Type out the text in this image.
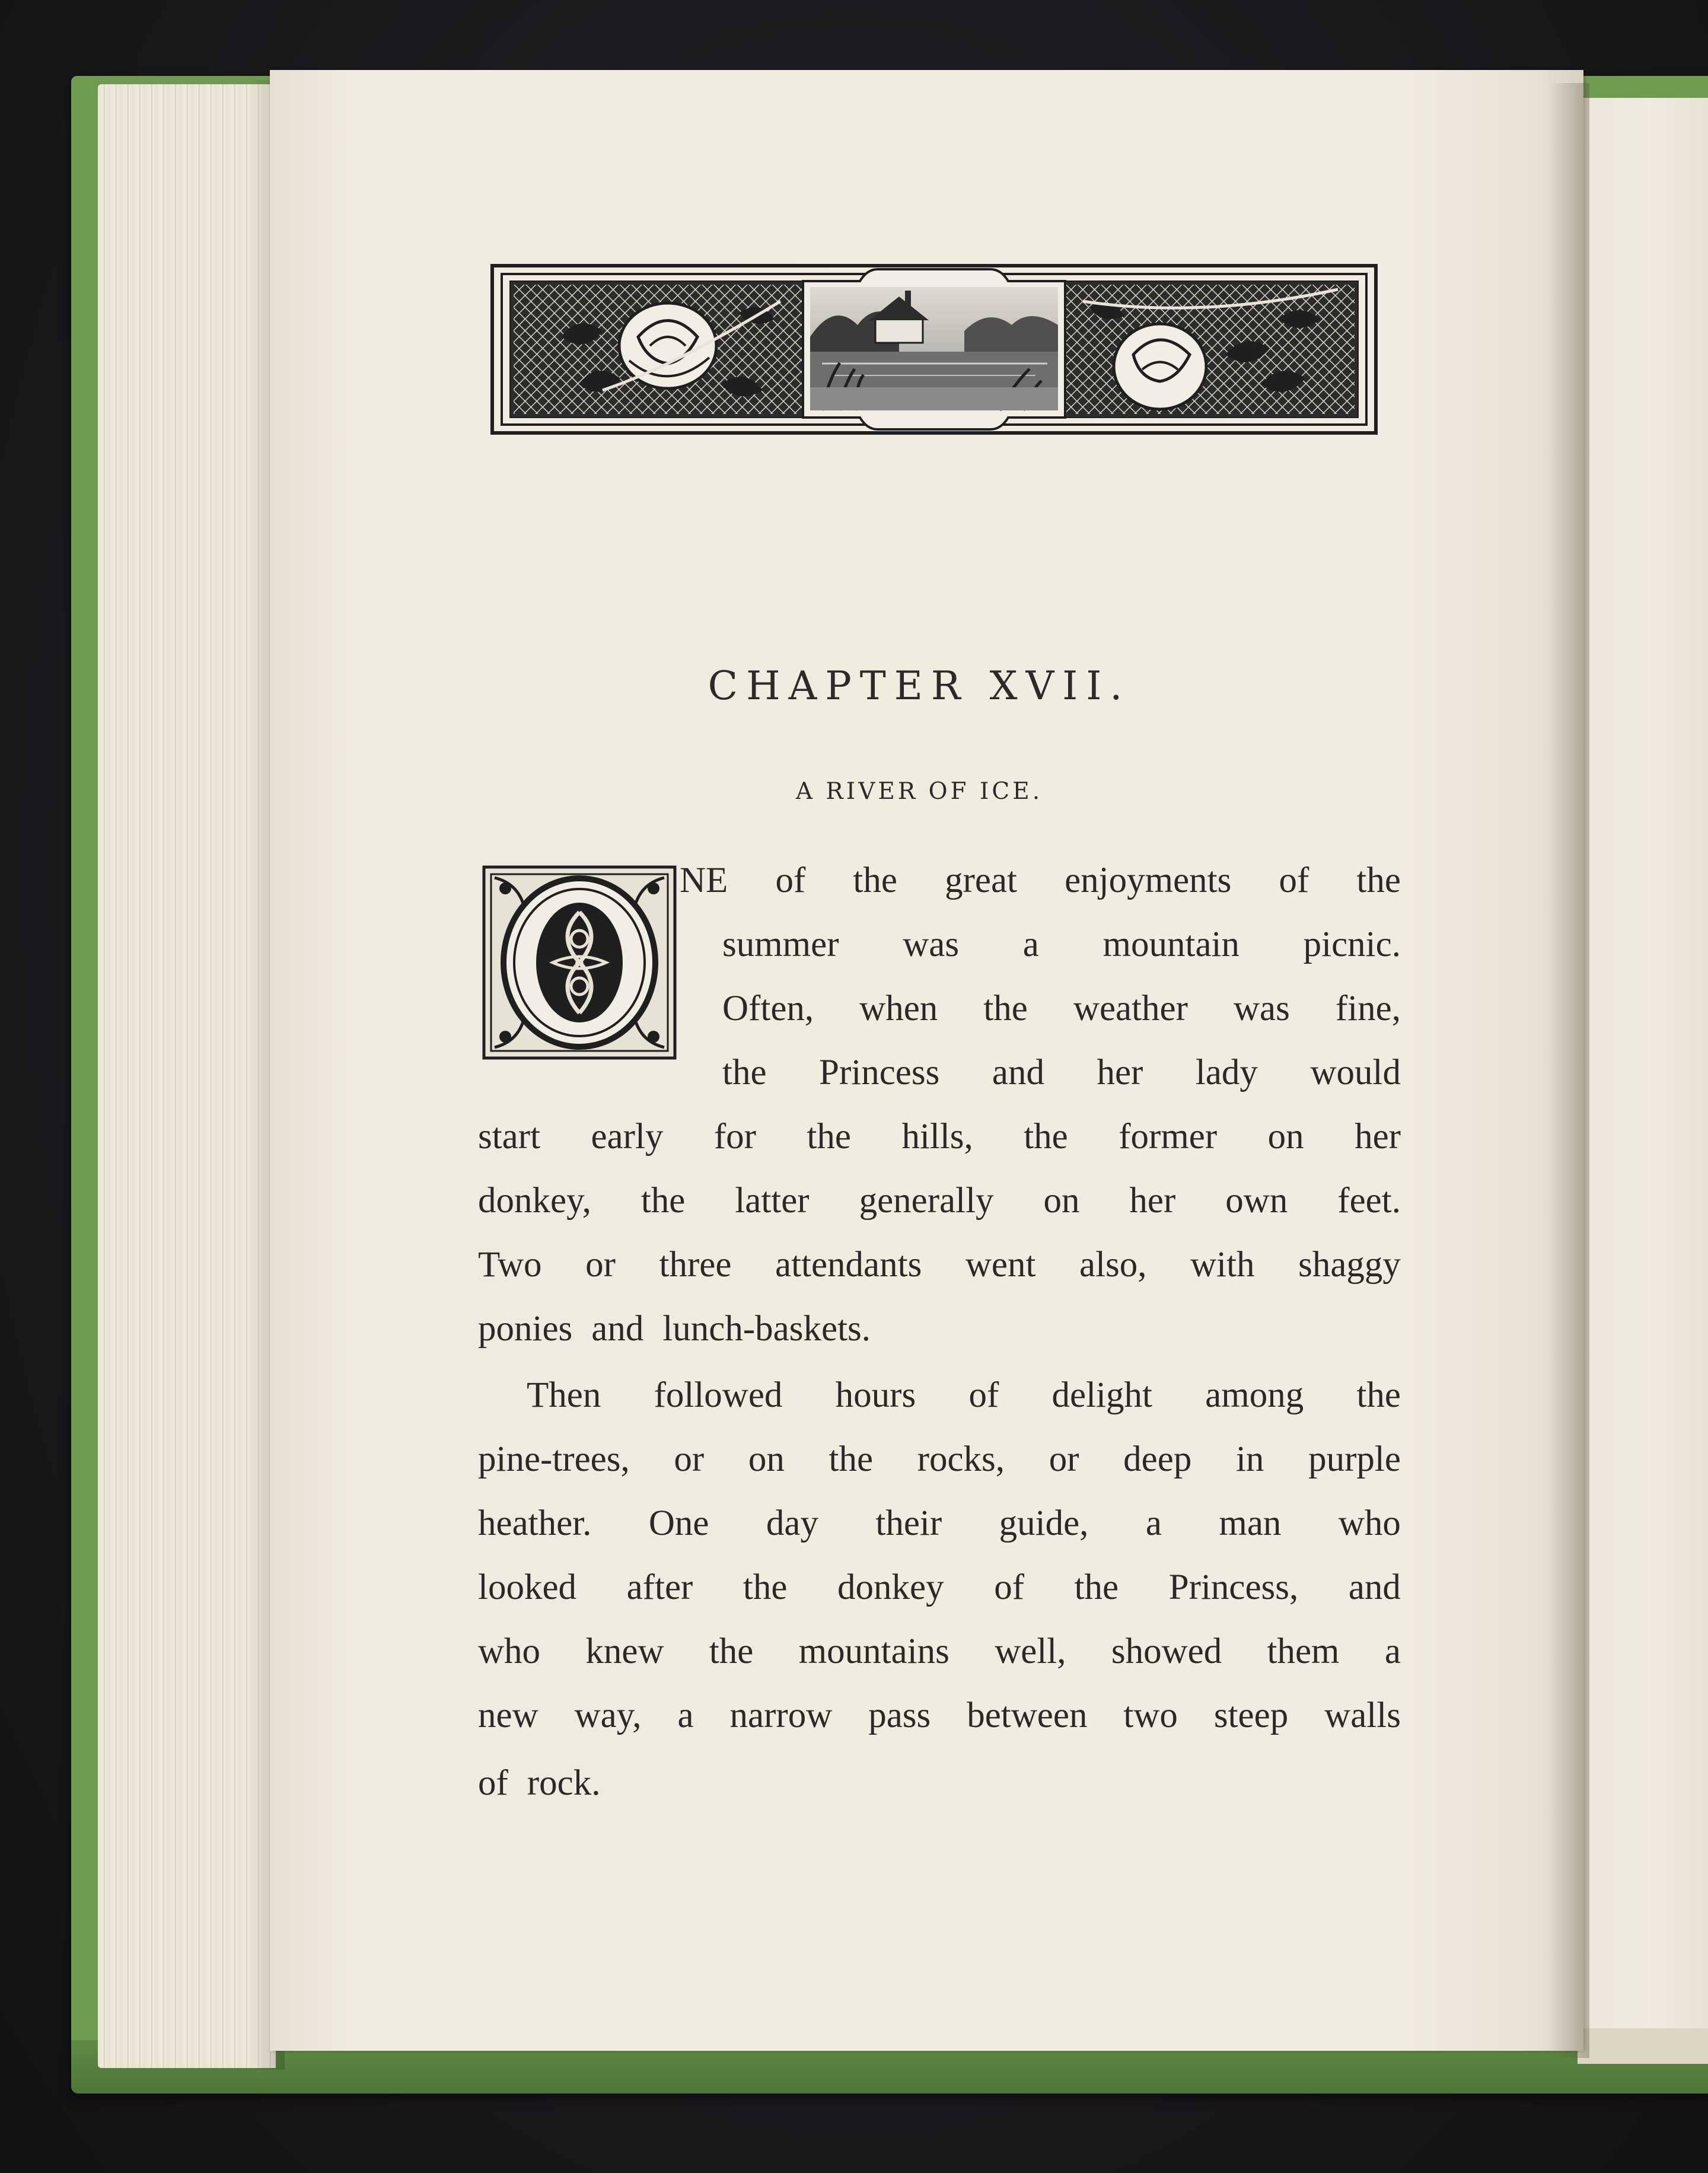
CHAPTER XVII.
A RIVER OF ICE.
O
NE of the great enjoyments of the
summer was a mountain picnic.
Often, when the weather was fine,
the Princess and her lady would
start early for the hills, the former on her
donkey, the latter generally on her own feet.
Two or three attendants went also, with shaggy
ponies and lunch-baskets.
Then followed hours of delight among the
pine-trees, or on the rocks, or deep in purple
heather. One day their guide, a man who
looked after the donkey of the Princess, and
who knew the mountains well, showed them a
new way, a narrow pass between two steep walls
of rock.
